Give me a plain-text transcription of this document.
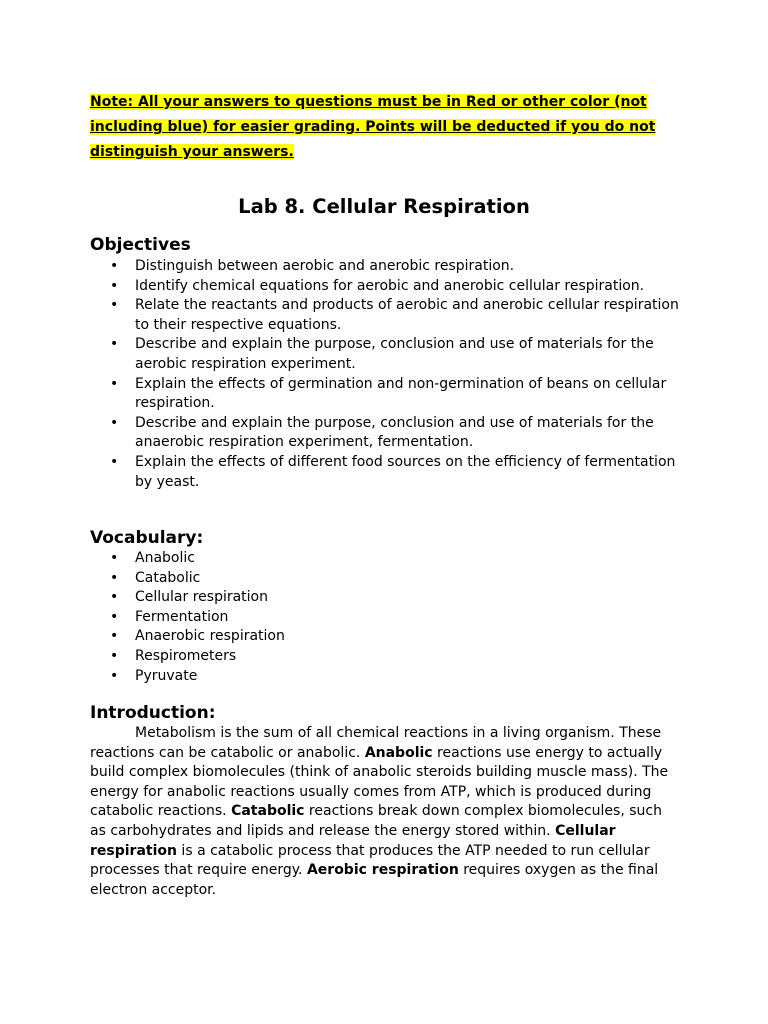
Note: All your answers to questions must be in Red or other color (not including blue) for easier grading. Points will be deducted if you do not distinguish your answers.
Lab 8. Cellular Respiration
Objectives
• Distinguish between aerobic and anerobic respiration.
• Identify chemical equations for aerobic and anerobic cellular respiration.
• Relate the reactants and products of aerobic and anerobic cellular respiration to their respective equations.
• Describe and explain the purpose, conclusion and use of materials for the aerobic respiration experiment.
• Explain the effects of germination and non-germination of beans on cellular respiration.
• Describe and explain the purpose, conclusion and use of materials for the anaerobic respiration experiment, fermentation.
• Explain the effects of different food sources on the efficiency of fermentation by yeast.
Vocabulary:
• Anabolic
• Catabolic
• Cellular respiration
• Fermentation
• Anaerobic respiration
• Respirometers
• Pyruvate
Introduction:

Metabolism is the sum of all chemical reactions in a living organism. These reactions can be catabolic or anabolic. Anabolic reactions use energy to actually build complex biomolecules (think of anabolic steroids building muscle mass). The energy for anabolic reactions usually comes from ATP, which is produced during catabolic reactions. Catabolic reactions break down complex biomolecules, such as carbohydrates and lipids and release the energy stored within. Cellular respiration is a catabolic process that produces the ATP needed to run cellular processes that require energy. Aerobic respiration requires oxygen as the final electron acceptor.
